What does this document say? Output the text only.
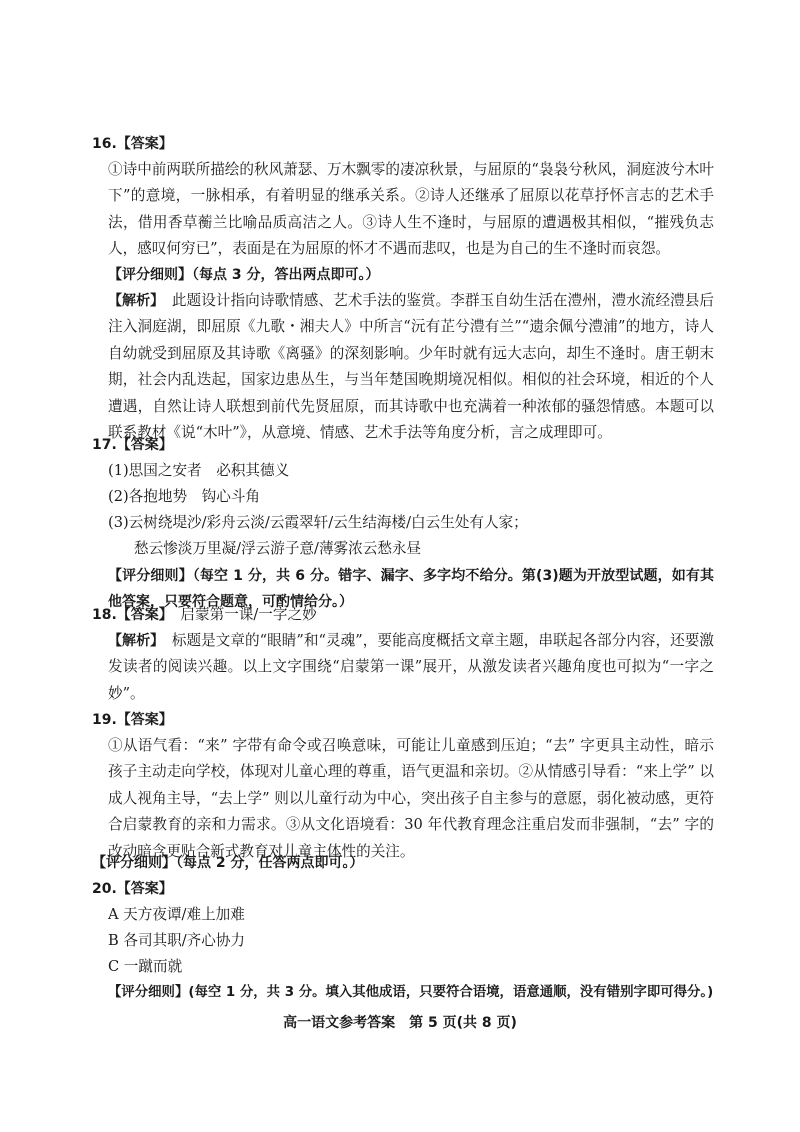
16.【答案】

①诗中前两联所描绘的秋风萧瑟、万木飘零的凄凉秋景，与屈原的“袅袅兮秋风，洞庭波兮木叶下”的意境，一脉相承，有着明显的继承关系。②诗人还继承了屈原以花草抒怀言志的艺术手法，借用香草蘅兰比喻品质高洁之人。③诗人生不逢时，与屈原的遭遇极其相似，“摧残负志人，感叹何穷已”，表面是在为屈原的怀才不遇而悲叹，也是为自己的生不逢时而哀怨。

【评分细则】（每点 3 分，答出两点即可。）

【解析】　 此题设计指向诗歌情感、艺术手法的鉴赏。李群玉自幼生活在澧州，澧水流经澧县后注入洞庭湖，即屈原《九歌・湘夫人》中所言“沅有芷兮澧有兰”“遗余佩兮澧浦”的地方，诗人自幼就受到屈原及其诗歌《离骚》的深刻影响。少年时就有远大志向，却生不逢时。唐王朝末期，社会内乱迭起，国家边患丛生，与当年楚国晚期境况相似。相似的社会环境，相近的个人遭遇，自然让诗人联想到前代先贤屈原，而其诗歌中也充满着一种浓郁的骚怨情感。本题可以联系教材《说“木叶”》，从意境、情感、艺术手法等角度分析，言之成理即可。

17.【答案】
(1)思国之安者　必积其德义
(2)各抱地势　钩心斗角
(3)云树绕堤沙/彩舟云淡/云霞翠轩/云生结海楼/白云生处有人家；
愁云惨淡万里凝/浮云游子意/薄雾浓云愁永昼

【评分细则】（每空 1 分，共 6 分。错字、漏字、多字均不给分。第(3)题为开放型试题，如有其他答案，只要符合题意，可酌情给分。）

18.【答案】　 启蒙第一课/一字之妙

【解析】　 标题是文章的“眼睛”和“灵魂”，要能高度概括文章主题，串联起各部分内容，还要激发读者的阅读兴趣。以上文字围绕“启蒙第一课”展开，从激发读者兴趣角度也可拟为“一字之妙”。

19.【答案】

①从语气看：“来” 字带有命令或召唤意味，可能让儿童感到压迫；“去” 字更具主动性，暗示孩子主动走向学校，体现对儿童心理的尊重，语气更温和亲切。②从情感引导看：“来上学” 以成人视角主导，“去上学” 则以儿童行动为中心，突出孩子自主参与的意愿，弱化被动感，更符合启蒙教育的亲和力需求。③从文化语境看：30 年代教育理念注重启发而非强制，“去” 字的改动暗含更贴合新式教育对儿童主体性的关注。

【评分细则】（每点 2 分，任答两点即可。）
20.【答案】
A 天方夜谭/难上加难
B 各司其职/齐心协力
C 一蹴而就
【评分细则】(每空 1 分，共 3 分。填入其他成语，只要符合语境，语意通顺，没有错别字即可得分。)
高一语文参考答案　第 5 页(共 8 页)
